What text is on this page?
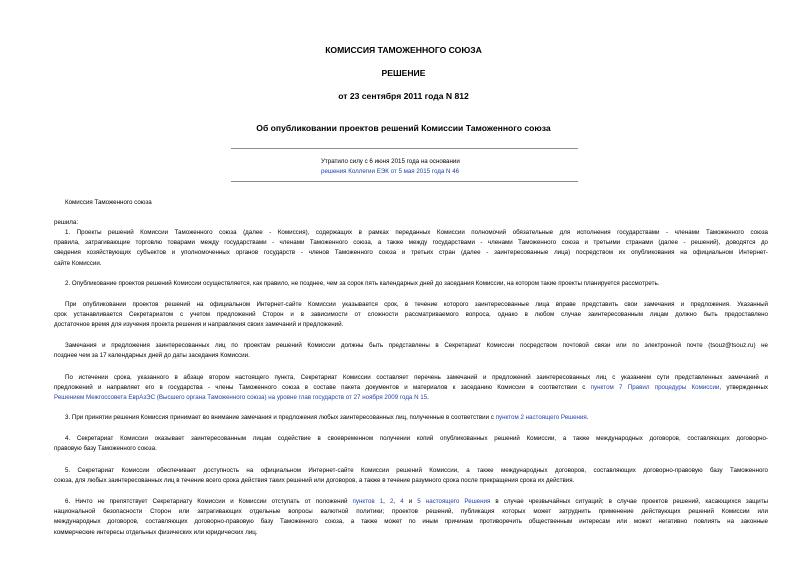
КОМИССИЯ ТАМОЖЕННОГО СОЮЗА
РЕШЕНИЕ
от 23 сентября 2011 года N 812
Об опубликовании проектов решений Комиссии Таможенного союза
Утратило силу с 6 июня 2015 года на основании
решения Коллегии ЕЭК от 5 мая 2015 года N 46
Комиссия Таможенного союза
решила:
1. Проекты решений Комиссии Таможенного союза (далее - Комиссия), содержащих в рамках переданных Комиссии полномочий обязательные для исполнения государствами - членами Таможенного союза
правила, затрагивающие торговлю товарами между государствами - членами Таможенного союза, а также между государствами - членами Таможенного союза и третьими странами (далее - решений), доводятся до
сведения хозяйствующих субъектов и уполномоченных органов государств - членов Таможенного союза и третьих стран (далее - заинтересованные лица) посредством их опубликования на официальном Интернет-
сайте Комиссии.
2. Опубликование проектов решений Комиссии осуществляется, как правило, не позднее, чем за сорок пять календарных дней до заседания Комиссии, на котором такие проекты планируется рассмотреть.
При опубликовании проектов решений на официальном Интернет-сайте Комиссии указывается срок, в течение которого заинтересованные лица вправе представить свои замечания и предложения. Указанный
срок устанавливается Секретариатом с учетом предложений Сторон и в зависимости от сложности рассматриваемого вопроса, однако в любом случае заинтересованным лицам должно быть предоставлено
достаточное время для изучения проекта решения и направления своих замечаний и предложений.
Замечания и предложения заинтересованных лиц по проектам решений Комиссии должны быть представлены в Секретариат Комиссии посредством почтовой связи или по электронной почте (tsouz@tsouz.ru) не
позднее чем за 17 календарных дней до даты заседания Комиссии.
По истечении срока, указанного в абзаце втором настоящего пункта, Секретариат Комиссии составляет перечень замечаний и предложений заинтересованных лиц с указанием сути представленных замечаний и
предложений и направляет его в государства - члены Таможенного союза в составе пакета документов и материалов к заседанию Комиссии в соответствии с пунктом 7 Правил процедуры Комиссии, утвержденных
Решением Межгоссовета ЕврАзЭС (Высшего органа Таможенного союза) на уровне глав государств от 27 ноября 2009 года N 15.
3. При принятии решения Комиссия принимает во внимание замечания и предложения любых заинтересованных лиц, полученные в соответствии с пунктом 2 настоящего Решения.
4. Секретариат Комиссии оказывает заинтересованным лицам содействие в своевременном получении копий опубликованных решений Комиссии, а также международных договоров, составляющих договорно-
правовую базу Таможенного союза.
5. Секретариат Комиссии обеспечивает доступность на официальном Интернет-сайте Комиссии решений Комиссии, а также международных договоров, составляющих договорно-правовую базу Таможенного
союза, для любых заинтересованных лиц в течение всего срока действия таких решений или договоров, а также в течение разумного срока после прекращения срока их действия.
6. Ничто не препятствует Секретариату Комиссии и Комиссии отступать от положений пунктов 1, 2, 4 и 5 настоящего Решения в случае чрезвычайных ситуаций; в случае проектов решений, касающихся защиты
национальной безопасности Сторон или затрагивающих отдельные вопросы валютной политики; проектов решений, публикация которых может затруднить применение действующих решений Комиссии или
международных договоров, составляющих договорно-правовую базу Таможенного союза, а также может по иным причинам противоречить общественным интересам или может негативно повлиять на законные
коммерческие интересы отдельных физических или юридических лиц.
